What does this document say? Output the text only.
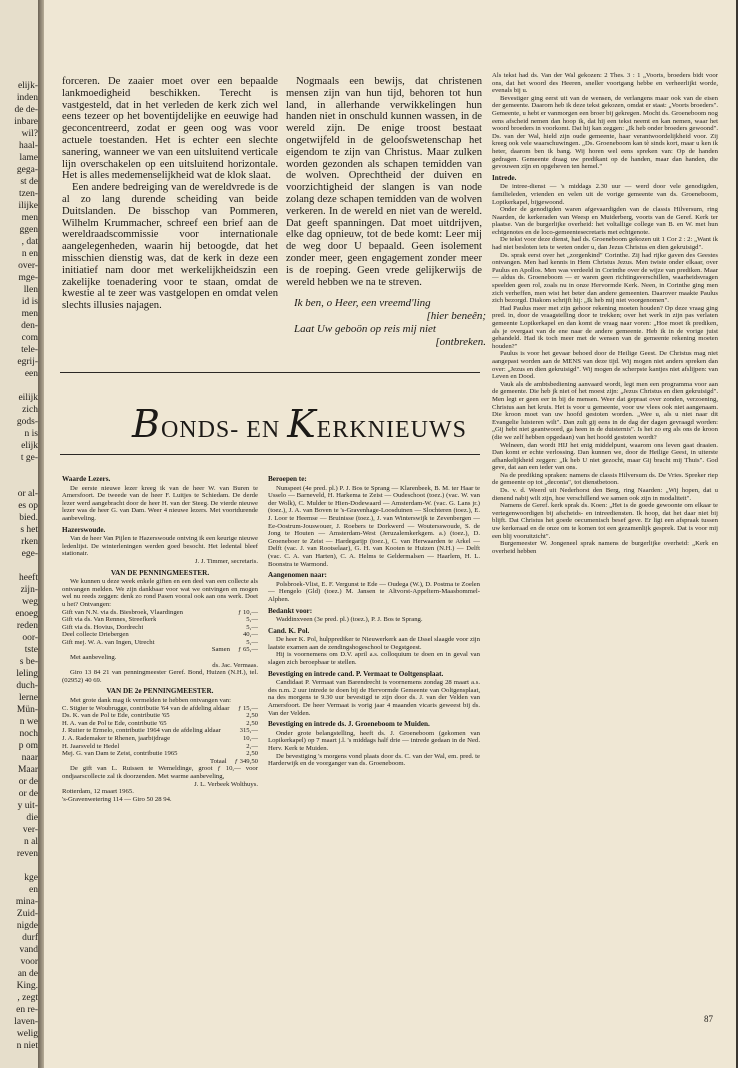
elijk-
inden
de de-
inbare
wil?
haal-
lame
gega-
st de
tzen-
ilijke
men
ggen
, dat
n en
over-
mge-
llen
id is
men
den-
com
tele-
egrij-
een
eilijk
zich
gods-
n is
elijk
t ge-
or al-
es op
bied.
s het
rken
ege-
heeft
zijn-
weg
enoeg
reden
oor-
tste
s be-
leling
duch-
lerne
Mün-
n we
noch
p om
naar
Maar
or de
or de
y uit-
die
ver-
n al
reven
kge
en
mina-
Zuid-
nigde
durf
vand
voor
an de
King.
, zegt
en re-
laven-
welig
n niet

forceren. De zaaier moet over een bepaalde lankmoedigheid beschikken. Terecht is vastgesteld, dat in het verleden de kerk zich wel eens tezeer op het boventijdelijke en eeuwige had geconcentreerd, zodat er geen oog was voor actuele toestanden. Het is echter een slechte sanering, wanneer we van een uitsluitend verticale lijn overschakelen op een uitsluitend horizontale. Het is alles medemenselijkheid wat de klok slaat.

Een andere bedreiging van de wereldvrede is de al zo lang durende scheiding van beide Duitslanden. De bisschop van Pommeren, Wilhelm Krummacher, schreef een brief aan de wereldraadscommissie voor internationale aangelegenheden, waarin hij betoogde, dat het misschien dienstig was, dat de kerk in deze een initiatief nam door met werkelijkheidszin een zakelijke toenadering voor te staan, omdat de kwestie al te zeer was vastgelopen en omdat velen slechts illusies najagen.

Nogmaals een bewijs, dat christenen mensen zijn van hun tijd, behoren tot hun land, in allerhande verwikkelingen hun handen niet in onschuld kunnen wassen, in de wereld zijn. De enige troost bestaat ongetwijfeld in de geloofswetenschap het eigendom te zijn van Christus. Maar zulken worden gezonden als schapen temidden van de wolven. Oprechtheid der duiven en voorzichtigheid der slangen is van node zolang deze schapen temidden van de wolven verkeren. In de wereld en niet van de wereld. Dat geeft spanningen. Dat moet uitdrijven, elke dag opnieuw, tot de bede komt: Leer mij de weg door U bepaald. Geen isolement zonder meer, geen engagement zonder meer is de roeping. Geen vrede gelijkerwijs de wereld hebben we na te streven.

Ik ben, o Heer, een vreemd'ling
[hier beneên;
Laat Uw geboön op reis mij niet
[ontbreken.

Als tekst had ds. Van der Wal gekozen: 2 Thes. 3 : 1 „Voorts, broeders bidt voor ons, dat het woord des Heeren, sneller voortgang hebbe en verheerlijkt worde, evenals bij u.

Bevestiger ging eerst uit van de wensen, de verlangens maar ook van de eisen der gemeente. Daarom heb ik deze tekst gekozen, omdat er staat: „Voorts broeders". Gemeente, u hebt er vanmorgen een broer bij gekregen. Mocht ds. Groeneboom nog eens afscheid nemen dan hoop ik, dat hij een tekst neemt en kan nemen, waar het woord broeders in voorkomt. Dat hij kan zeggen: „Ik heb onder broeders gewoond". Ds. van der Wal, hield zijn oude gemeente, haar verantwoordelijkheid voor. Zij kreeg ook vele waarschuwingen. „Ds. Groeneboom kan tè sinds kort, maar u ken ik heter, daarom ben ik bang. Wij horen wel eens spreken van: Op de handen gedragen. Gemeente draag uw predikant op de handen, maar dan handen, die gevouwen zijn en opgeheven ten hemel."

Intrede.

De intree-dienst — 's middags 2.30 uur — werd door vele genodigden, familieleden, vrienden en velen uit de vorige gemeente van ds. Groeneboom, Lopikerkapel, bijgewoond.

Onder de genodigden waren afgevaardigden van de classis Hilversum, ring Naarden, de kerkeraden van Weesp en Muiderberg, voorts van de Geref. Kerk ter plaatse. Van de burgerlijke overheid: het voltallige college van B. en W. met hun echtgenotes en de loco-gemeentesecretaris met echtgenote.

De tekst voor deze dienst, had ds. Groeneboom gekozen uit 1 Cor 2 : 2: „Want ik had niet besloten iets te weten onder u, dan Jezus Christus en dien gekruisigd".

Ds. sprak eerst over het „zorgenkind" Corinthe. Zij had rijke gaven des Geestes ontvangen. Men had kennis in Hem Christus Jezus. Men twiste onder elkaar, over Paulus en Apollos. Men was verdeeld in Corinthe over de wijze van prediken. Maar — aldus ds. Groeneboom — er waren geen richtingsverschillen, waarheidsvragen speelden geen rol, zoals nu in onze Hervormde Kerk. Neen, in Corinthe ging men zich verheffen, men wist het beter dan andere gemeenten. Daarover maakte Paulus zich bezorgd. Diakom schrijft hij: „Ik heb mij niet voorgenomen".

Had Paulus meer met zijn gehoor rekening moeten houden? Op deze vraag ging pred. in, door de vraagstelling door te trekken; over het werk in zijn pas verlaten gemeente Lopikerkapel en dan komt de vraag naar voren: „Hoe moet ik prediken, als je overgaat van de ene naar de andere gemeente. Heb ik in de vorige juist gehandeld. Had ik toch meer met de wensen van de gemeente rekening moeten houden?"

Paulus is voor het gevaar behoed door de Heilige Geest. De Christus mag niet aangepast worden aan de MENS van deze tijd. Wij mogen niet anders spreken dan over: „Jezus en dien gekruisigd". Wij mogen de scherpste kantjes niet afslijpen: van Leven en Dood.

Vauk als de ambtsbediening aanvaard wordt, legt men een programma voor aan de gemeente. Die heb jk niet of het moest zijn: „Jezus Christus en dien gekruisigd". Men legt er geen eer in bij de mensen. Weer dat gepraat over zonden, verzoening, Christus aan het kruis. Het is voor u gemeente, voor uw vlees ook niet aangenaam. Die kroon moet van uw hoofd gestoten worden. „Wee u, als u niet naar dit Evangelie luisteren wilt". Dan zult gij eens in de dag der dagen gevraagd worden: „Gij hebt niet geantwoord, ga heen in de duisternis". Is het zo erg als ons de kroon (die we zelf hebben opgedaan) van het hoofd gestoten wordt?

Welneen, dan wordt HIJ het enig middelpunt, waarom ons leven gaat draaien. Dan komt er echte verlossing. Dan kunnen we, door de Heilige Geest, in uiterste afhankelijkheid zeggen: „Ik heb U niet gezocht, maar Gij bracht mij Thuis". God geve, dat aan een ieder van ons.

Na de prediking spraken: namens de classis Hilversum ds. De Vries. Spreker riep de gemeente op tot „deconia", tot dienstbetoon.

Ds. v. d. Weerd uit Nederhorst den Berg, ring Naarden: „Wij hopen, dat u dienend nabij wilt zijn, hoe verschillend we samen ook zijn in modaliteit".

Namens de Geref. kerk sprak ds. Koen: „Het is de goede gewoonte om elkaar te vertegenwoordigen bij afscheids- en intreediensten. Ik hoop, dat het daar niet bij blijft. Dat Christus het goede oecumenisch besef geve. Er ligt een afspraak tussen uw kerkeraad en de onze om te komen tot een gezamenlijk gesprek. Dat is voor mij een blij vooruitzicht".

Burgemeester W. Jongeneel sprak namens de burgerlijke overheid: „Kerk en overheid hebben

BONDS- EN KERKNIEUWS
Waarde Lezers.

De eerste nieuwe lezer kreeg ik van de heer W. van Buren te Amersfoort. De tweede van de heer F. Luitjes te Schiedam. De derde lezer werd aangebracht door de heer H. van der Steeg. De vierde nieuwe lezer was de heer G. van Dam. Weer 4 nieuwe lezers. Met voortdurende aanbeveling.

Hazerswoude.

Van de heer Van Pijlen te Hazerswoude ontving ik een keurige nieuwe ledenlijst. De winterleningen werden goed besocht. Het ledental bleef stationair.

J. J. Timmer, secretaris.
VAN DE PENNINGMEESTER.

We kunnen u deze week enkele giften en een deel van een collecte als ontvangen melden. We zijn dankbaar voor wat we ontvingen en mogen wel nu reeds zeggen: denk zo rond Pasen vooral ook aan ons werk. Doet u het? Ontvangen:

Gift van N.N. via ds. Biesbroek, Vlaardingen	ƒ 10,—
Gift via ds. Van Rennes, Streefkerk	5,—
Gift via ds. Hovius, Dordrecht	5,—
Deel collecte Driebergen	40,—
Gift mej. W. A. van Ingen, Utrecht	5,—
Samen ƒ 65,—

Met aanbeveling.

ds. Jac. Vermaas.

Giro 13 84 21 van penningmeester Geref. Bond, Huizen (N.H.), tel. (02952) 40 69.

VAN DE 2e PENNINGMEESTER.

Met grote dank mag ik vermelden te hebben ontvangen van:

C. Stigter te Woubrugge, contributie '64 van de afdeling aldaar ƒ 15,—
Ds. K. van de Pol te Ede, contributie '65	2,50
H. A. van de Pol te Ede, contributie '65	2,50
J. Ruiter te Ermelo, contributie 1964 van de afdeling aldaar	315,—
J. A. Rademaker te Rhenen, jaarbijdrage	10,—
H. Jaarsveld te Hedel	2,—
Mej. G. van Dam te Zeist, contributie 1965	2,50
Totaal ƒ 349,50

De gift van L. Ruissen te Wemeldinge, groot ƒ 10,— voor ondjaarscollecte zal ik doorzenden. Met warme aanbeveling,

J. L. Verbeek Wolthuys.

Rotterdam, 12 maart 1965.

's-Gravenwetering 114 — Giro 50 28 94.

Beroepen te:

Nunspeet (4e pred. pl.) P. J. Bos te Sprang — Klarenbeek, B. M. ter Haar te Usselo — Barneveld, H. Harkema te Zeist — Oudeschoot (toez.) (vac. W. van der Wolk), C. Mulder te Hien-Dodewaard — Amsterdam-W. (vac. G. Lans jr.) (toez.), J. A. van Boven te 's-Gravenhage-Loosduinen — Slochteren (toez.), E. J. Loor te Heemse — Bruinisse (toez.), J. van Winterswijk te Zevenbergen — Ee-Oostrum-Jouswouer, J. Roebers te Dorkwerd — Woutersswoude, S. de Jong te Houten — Amsterdam-West (Jeruzalemkerkgem. a.) (toez.), D. Groeneboer te Zeist — Hardegarijp (toez.), C. van Herwaarden te Arkel — Delft (vac. J. van Rootselaar), G. H. van Kooten te Huizen (N.H.) — Delft (vac. C. A. van Harten), C. A. Helms te Geldermalsen — Haarlem, H. L. Boonstra te Warmond.

Aangenomen naar:

Polsbroek-Vlist, E. F. Vergunst te Ede — Oudega (W.), D. Postma te Zoelen — Hengelo (Gld) (toez.) M. Jansen te Altvorst-Appeltern-Maasbommel-Alphen.

Bedankt voor:

Waddinxveen (3e pred. pl.) (toez.), P. J. Bos te Sprang.

Cand. K. Pol.

De heer K. Pol, hulpprediker te Nieuwerkerk aan de IJssel slaagde voor zijn laatste examen aan de zendingshogeschool te Oegstgeest.

Hij is voornemens om D.V. april a.s. colloquium te doen en in geval van slagen zich beroepbaar te stellen.

Bevestiging en intrede cand. P. Vermaat te Ooltgensplaat.

Candidaat P. Vermaat van Barendrecht is voornemens zondag 28 maart a.s. des n.m. 2 uur intrede te doen bij de Hervormde Gemeente van Ooltgensplaat, na des morgens te 9.30 uur bevestigd te zijn door ds. J. van der Velden van Amersfoort. De heer Vermaat is vorig jaar 4 maanden vicaris geweest bij ds. Van der Velden.

Bevestiging en intrede ds. J. Groeneboom te Muiden.

Onder grote belangstelling, heeft ds. J. Groeneboom (gekomen van Lopikerkapel) op 7 maart j.l. 's middags half drie — intrede gedaan in de Ned. Herv. Kerk te Muiden.

De bevestiging 's morgens vond plaats door ds. C. van der Wal, em. pred. te Harderwijk en de voorganger van ds. Groeneboom.

87
